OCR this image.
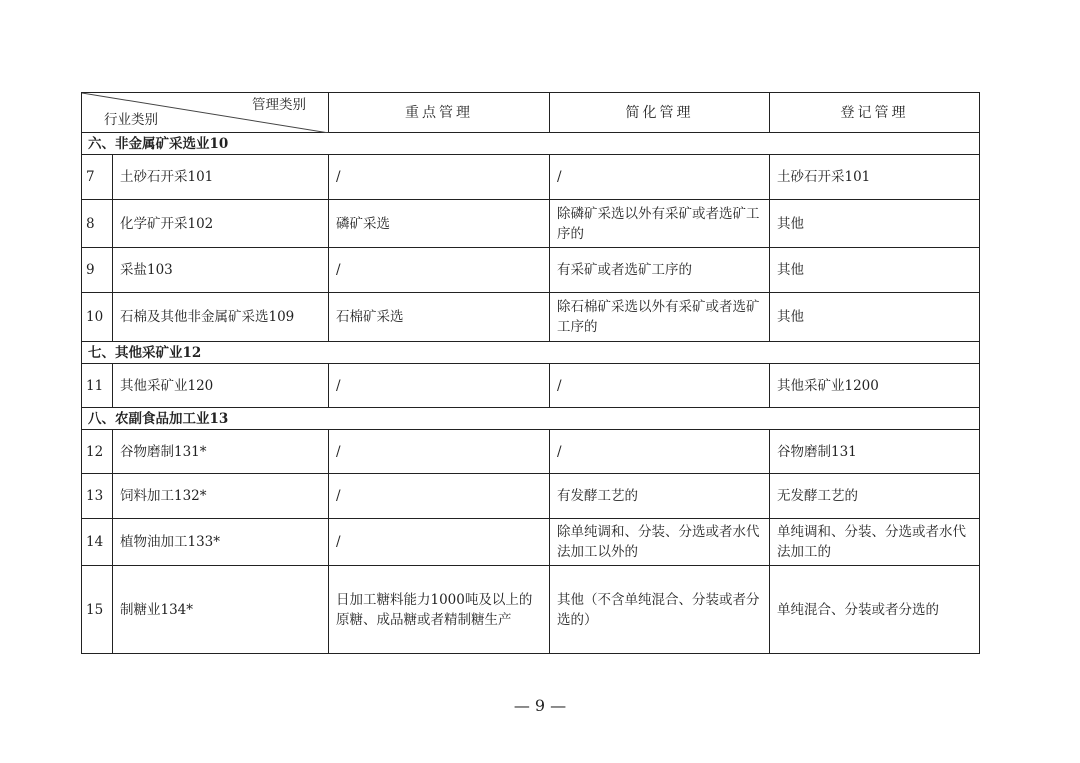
管理类别
行业类别		重点管理	简化管理	登记管理
六、非金属矿采选业10				
7	土砂石开采101	/	/	土砂石开采101
8	化学矿开采102	磷矿采选	除磷矿采选以外有采矿或者选矿工序的	其他
9	采盐103	/	有采矿或者选矿工序的	其他
10	石棉及其他非金属矿采选109	石棉矿采选	除石棉矿采选以外有采矿或者选矿工序的	其他
七、其他采矿业12				
11	其他采矿业120	/	/	其他采矿业1200
八、农副食品加工业13				
12	谷物磨制131*	/	/	谷物磨制131
13	饲料加工132*	/	有发酵工艺的	无发酵工艺的
14	植物油加工133*	/	除单纯调和、分装、分选或者水代法加工以外的	单纯调和、分装、分选或者水代法加工的
15	制糖业134*	日加工糖料能力1000吨及以上的原糖、成品糖或者精制糖生产	其他（不含单纯混合、分装或者分选的）	单纯混合、分装或者分选的
— 9 —
